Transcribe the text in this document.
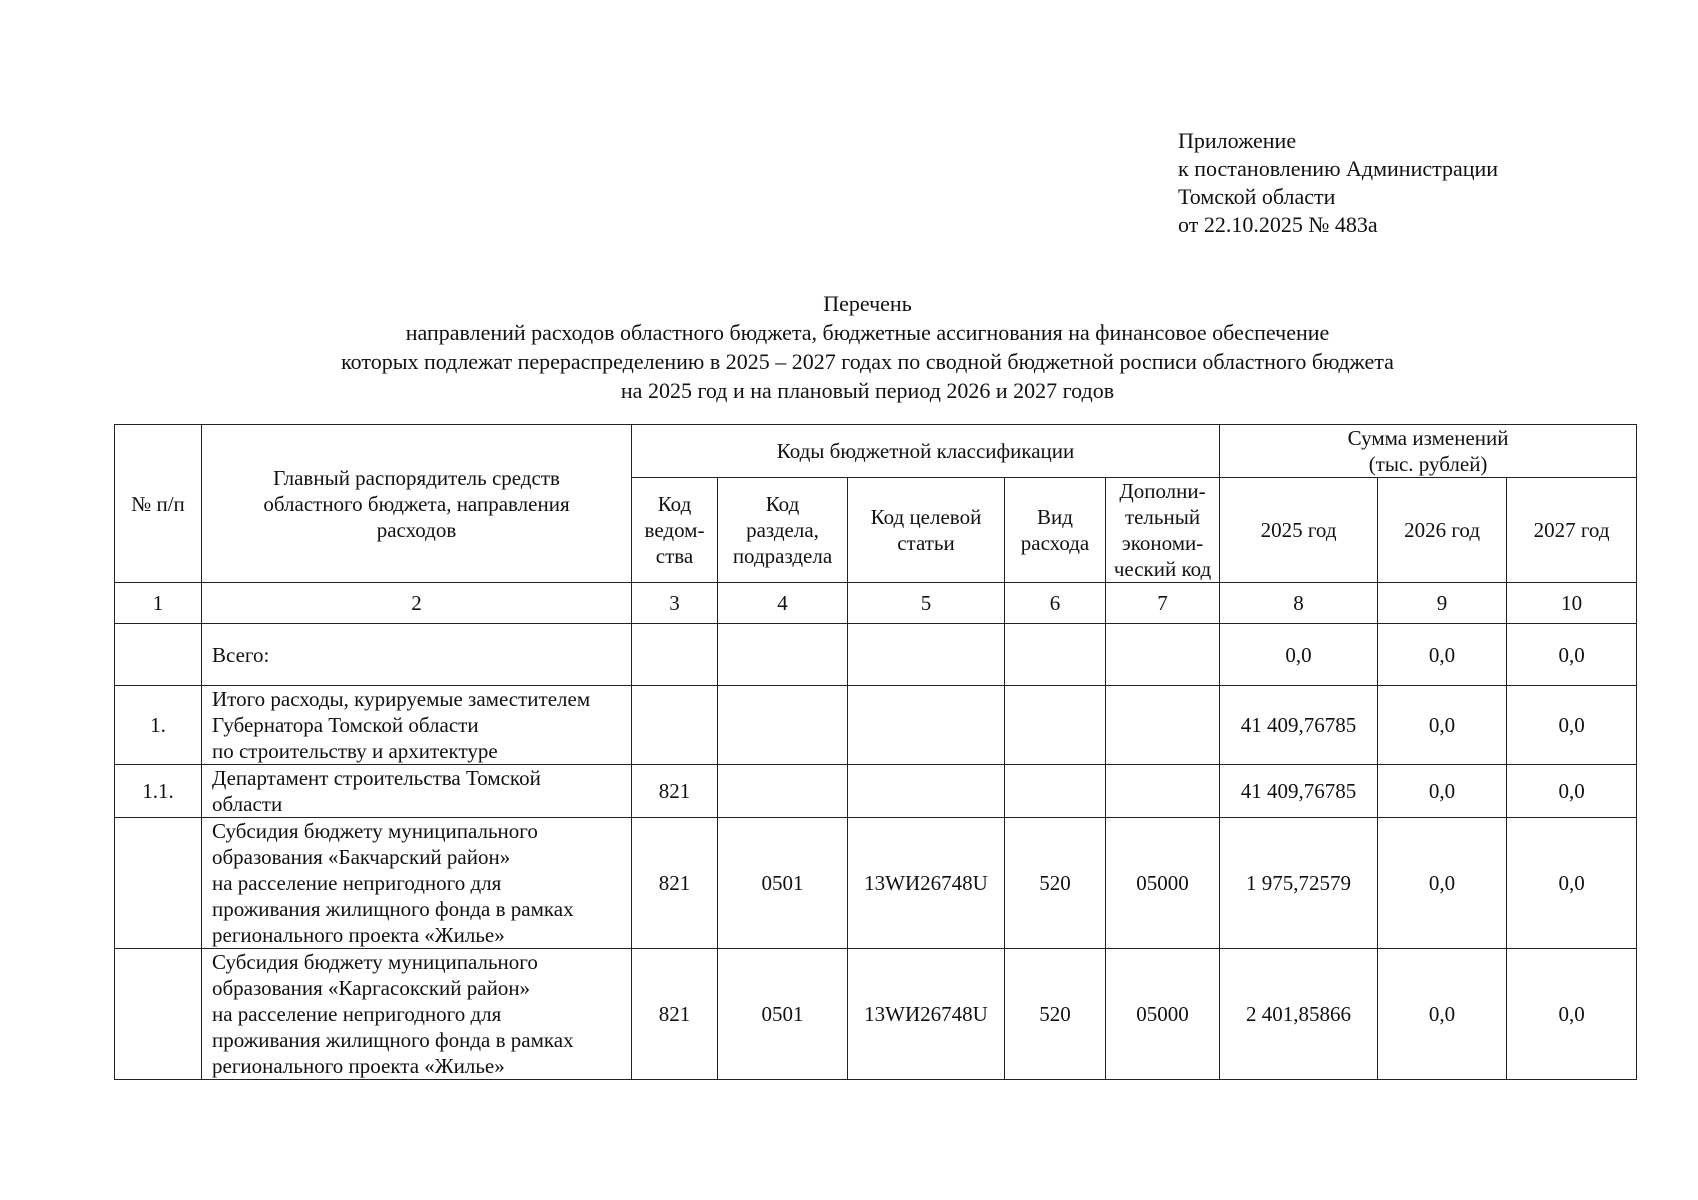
Приложение
к постановлению Администрации
Томской области
от 22.10.2025 № 483а
Перечень
направлений расходов областного бюджета, бюджетные ассигнования на финансовое обеспечение
которых подлежат перераспределению в 2025 – 2027 годах по сводной бюджетной росписи областного бюджета
на 2025 год и на плановый период 2026 и 2027 годов
№ п/п	Главный распорядитель средств
областного бюджета, направления
расходов	Коды бюджетной классификации					Сумма изменений
(тыс. рублей)		
		Код
ведом-
ства	Код
раздела,
подраздела	Код целевой
статьи	Вид
расхода	Дополни-
тельный
экономи-
ческий код	2025 год	2026 год	2027 год
1	2	3	4	5	6	7	8	9	10
	Всего:						0,0	0,0	0,0
1.	Итого расходы, курируемые заместителем
Губернатора Томской области
по строительству и архитектуре						41 409,76785	0,0	0,0
1.1.	Департамент строительства Томской
области	821					41 409,76785	0,0	0,0
	Субсидия бюджету муниципального
образования «Бакчарский район»
на расселение непригодного для
проживания жилищного фонда в рамках
регионального проекта «Жилье»	821	0501	13WИ26748U	520	05000	1 975,72579	0,0	0,0
	Субсидия бюджету муниципального
образования «Каргасокский район»
на расселение непригодного для
проживания жилищного фонда в рамках
регионального проекта «Жилье»	821	0501	13WИ26748U	520	05000	2 401,85866	0,0	0,0
